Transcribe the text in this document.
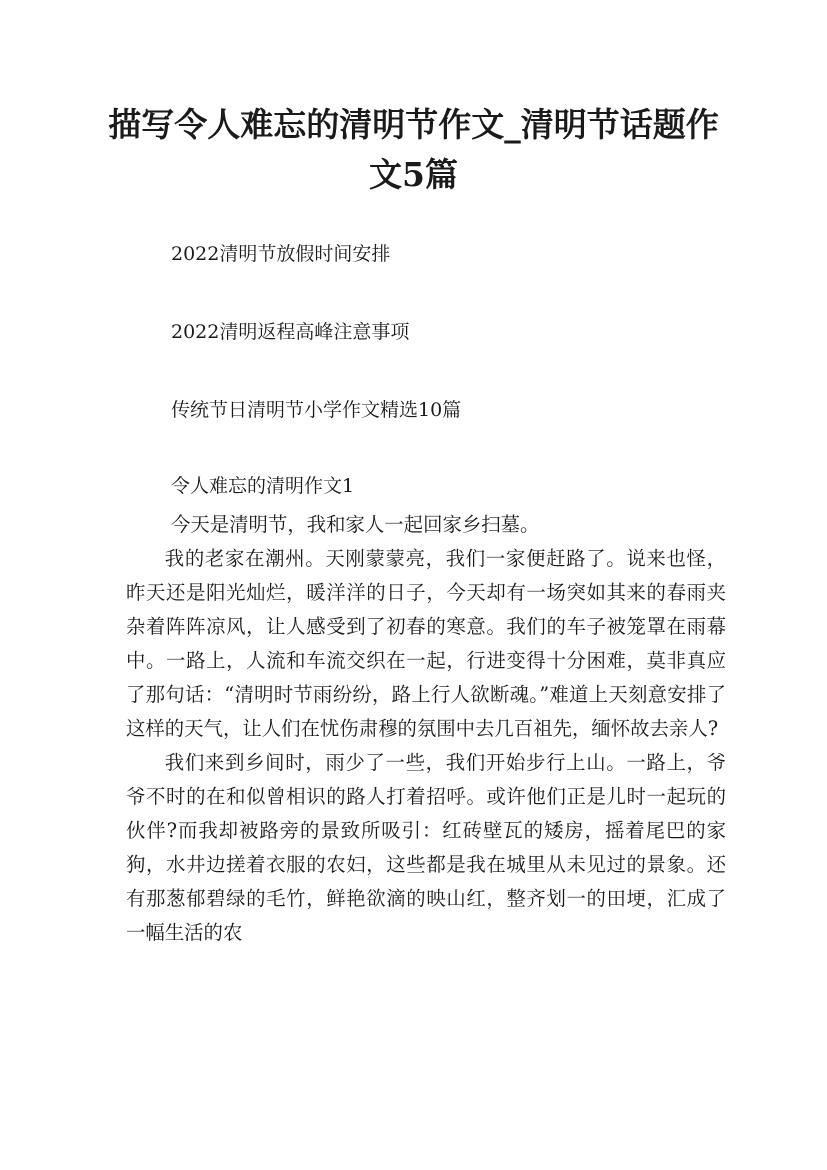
描写令人难忘的清明节作文_清明节话题作文5篇

2022清明节放假时间安排

2022清明返程高峰注意事项

传统节日清明节小学作文精选10篇

令人难忘的清明作文1

今天是清明节，我和家人一起回家乡扫墓。

我的老家在潮州。天刚蒙蒙亮，我们一家便赶路了。说来也怪，昨天还是阳光灿烂，暖洋洋的日子，今天却有一场突如其来的春雨夹杂着阵阵凉风，让人感受到了初春的寒意。我们的车子被笼罩在雨幕中。一路上，人流和车流交织在一起，行进变得十分困难，莫非真应了那句话：“清明时节雨纷纷，路上行人欲断魂。”难道上天刻意安排了这样的天气，让人们在忧伤肃穆的氛围中去几百祖先，缅怀故去亲人?

我们来到乡间时，雨少了一些，我们开始步行上山。一路上，爷爷不时的在和似曾相识的路人打着招呼。或许他们正是儿时一起玩的伙伴?而我却被路旁的景致所吸引：红砖壁瓦的矮房，摇着尾巴的家狗，水井边搓着衣服的农妇，这些都是我在城里从未见过的景象。还有那葱郁碧绿的毛竹，鲜艳欲滴的映山红，整齐划一的田埂，汇成了一幅生活的农
